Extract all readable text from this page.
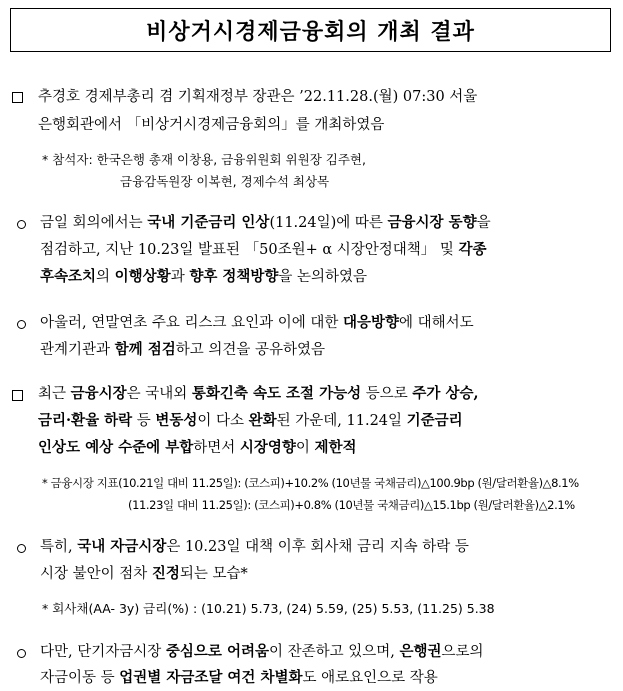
비상거시경제금융회의 개최 결과
추경호 경제부총리 겸 기획재정부 장관은 ’22.11.28.(월) 07:30 서울
은행회관에서 「비상거시경제금융회의」를 개최하였음
* 참석자: 한국은행 총재 이창용, 금융위원회 위원장 김주현,
금융감독원장 이복현, 경제수석 최상목
금일 회의에서는 국내 기준금리 인상(11.24일)에 따른 금융시장 동향을
점검하고, 지난 10.23일 발표된 「50조원+ α 시장안정대책」 및 각종
후속조치의 이행상황과 향후 정책방향을 논의하였음
아울러, 연말연초 주요 리스크 요인과 이에 대한 대응방향에 대해서도
관계기관과 함께 점검하고 의견을 공유하였음
최근 금융시장은 국내외 통화긴축 속도 조절 가능성 등으로 주가 상승,
금리·환율 하락 등 변동성이 다소 완화된 가운데, 11.24일 기준금리
인상도 예상 수준에 부합하면서 시장영향이 제한적
* 금융시장 지표(10.21일 대비 11.25일): (코스피)+10.2% (10년물 국채금리)△100.9bp (원/달러환율)△8.1%
(11.23일 대비 11.25일): (코스피)+0.8% (10년물 국채금리)△15.1bp (원/달러환율)△2.1%
특히, 국내 자금시장은 10.23일 대책 이후 회사채 금리 지속 하락 등
시장 불안이 점차 진정되는 모습*
* 회사채(AA- 3y) 금리(%) : (10.21) 5.73, (24) 5.59, (25) 5.53, (11.25) 5.38
다만, 단기자금시장 중심으로 어려움이 잔존하고 있으며, 은행권으로의
자금이동 등 업권별 자금조달 여건 차별화도 애로요인으로 작용
